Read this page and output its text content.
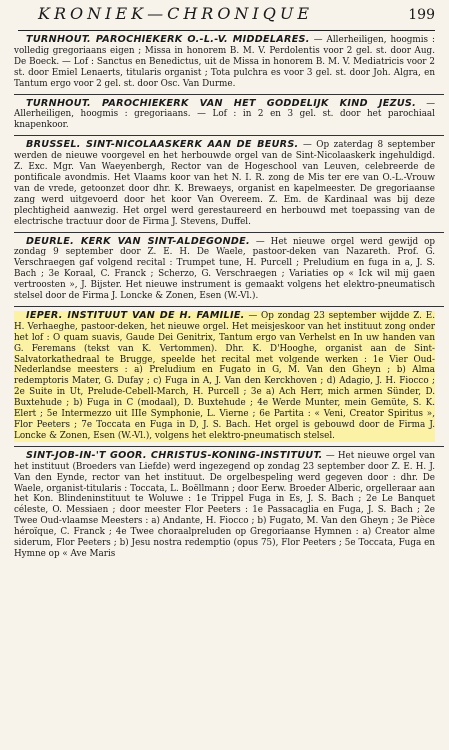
KRONIEK—CHRONIQUE	199
TURNHOUT. PAROCHIEKERK O.-L.-V. MIDDELARES. — Allerheiligen, hoogmis : volledig gregoriaans eigen ; Missa in honorem B. M. V. Perdolentis voor 2 gel. st. door Aug. De Boeck. — Lof : Sanctus en Benedictus, uit de Missa in honorem B. M. V. Mediatricis voor 2 st. door Emiel Lenaerts, titularis organist ; Tota pulchra es voor 3 gel. st. door Joh. Algra, en Tantum ergo voor 2 gel. st. door Osc. Van Durme.
TURNHOUT. PAROCHIEKERK VAN HET GODDELIJK KIND JEZUS. — Allerheiligen, hoogmis : gregoriaans. — Lof : in 2 en 3 gel. st. door het parochiaal knapenkoor.
BRUSSEL. SINT-NICOLAASKERK AAN DE BEURS. — Op zaterdag 8 september werden de nieuwe voorgevel en het herbouwde orgel van de Sint-Nicolaaskerk ingehuldigd. Z. Exc. Mgr. Van Waeyenbergh, Rector van de Hogeschool van Leuven, celebreerde de pontificale avondmis. Het Vlaams koor van het N. I. R. zong de Mis ter ere van O.-L.-Vrouw van de vrede, getoonzet door dhr. K. Brewaeys, organist en kapelmeester. De gregoriaanse zang werd uitgevoerd door het koor Van Overeem. Z. Em. de Kardinaal was bij deze plechtigheid aanwezig. Het orgel werd gerestaureerd en herbouwd met toepassing van de electrische tractuur door de Firma J. Stevens, Duffel.
DEURLE. KERK VAN SINT-ALDEGONDE. — Het nieuwe orgel werd gewijd op zondag 9 september door Z. E. H. De Waele, pastoor-deken van Nazareth. Prof. G. Verschraegen gaf volgend recital : Trumpet tune, H. Purcell ; Preludium en fuga in a, J. S. Bach ; 3e Koraal, C. Franck ; Scherzo, G. Verschraegen ; Variaties op « Ick wil mij gaen vertroosten », J. Bijster. Het nieuwe instrument is gemaakt volgens het elektro-pneumatisch stelsel door de Firma J. Loncke & Zonen, Esen (W.-Vl.).
IEPER. INSTITUUT VAN DE H. FAMILIE. — Op zondag 23 september wijdde Z. E. H. Verhaeghe, pastoor-deken, het nieuwe orgel. Het meisjeskoor van het instituut zong onder het lof : O quam suavis, Gaude Dei Genitrix, Tantum ergo van Verhelst en In uw handen van G. Feremans (tekst van K. Vertommen). Dhr. K. D'Hooghe, organist aan de Sint-Salvatorkathedraal te Brugge, speelde het recital met volgende werken : 1e Vier Oud-Nederlandse meesters : a) Preludium en Fugato in G, M. Van den Gheyn ; b) Alma redemptoris Mater, G. Dufay ; c) Fuga in A, J. Van den Kerckhoven ; d) Adagio, J. H. Fiocco ; 2e Suite in Ut, Prelude-Cebell-March, H. Purcell ; 3e a) Ach Herr, mich armen Sünder, D. Buxtehude ; b) Fuga in C (modaal), D. Buxtehude ; 4e Werde Munter, mein Gemüte, S. K. Elert ; 5e Intermezzo uit IIIe Symphonie, L. Vierne ; 6e Partita : « Veni, Creator Spiritus », Flor Peeters ; 7e Toccata en Fuga in D, J. S. Bach. Het orgel is gebouwd door de Firma J. Loncke & Zonen, Esen (W.-Vl.), volgens het elektro-pneumatisch stelsel.
SINT-JOB-IN-'T GOOR. CHRISTUS-KONING-INSTITUUT. — Het nieuwe orgel van het instituut (Broeders van Liefde) werd ingezegend op zondag 23 september door Z. E. H. J. Van den Eynde, rector van het instituut. De orgelbespeling werd gegeven door : dhr. De Waele, organist-titularis : Toccata, L. Boëllmann ; door Eerw. Broeder Alberic, orgelleraar aan het Kon. Blindeninstituut te Woluwe : 1e Trippel Fuga in Es, J. S. Bach ; 2e Le Banquet céleste, O. Messiaen ; door meester Flor Peeters : 1e Passacaglia en Fuga, J. S. Bach ; 2e Twee Oud-vlaamse Meesters : a) Andante, H. Fiocco ; b) Fugato, M. Van den Gheyn ; 3e Pièce héroïque, C. Franck ; 4e Twee choraalpreluden op Gregoriaanse Hymnen : a) Creator alme siderum, Flor Peeters ; b) Jesu nostra redemptio (opus 75), Flor Peeters ; 5e Toccata, Fuga en Hymne op « Ave Maris
